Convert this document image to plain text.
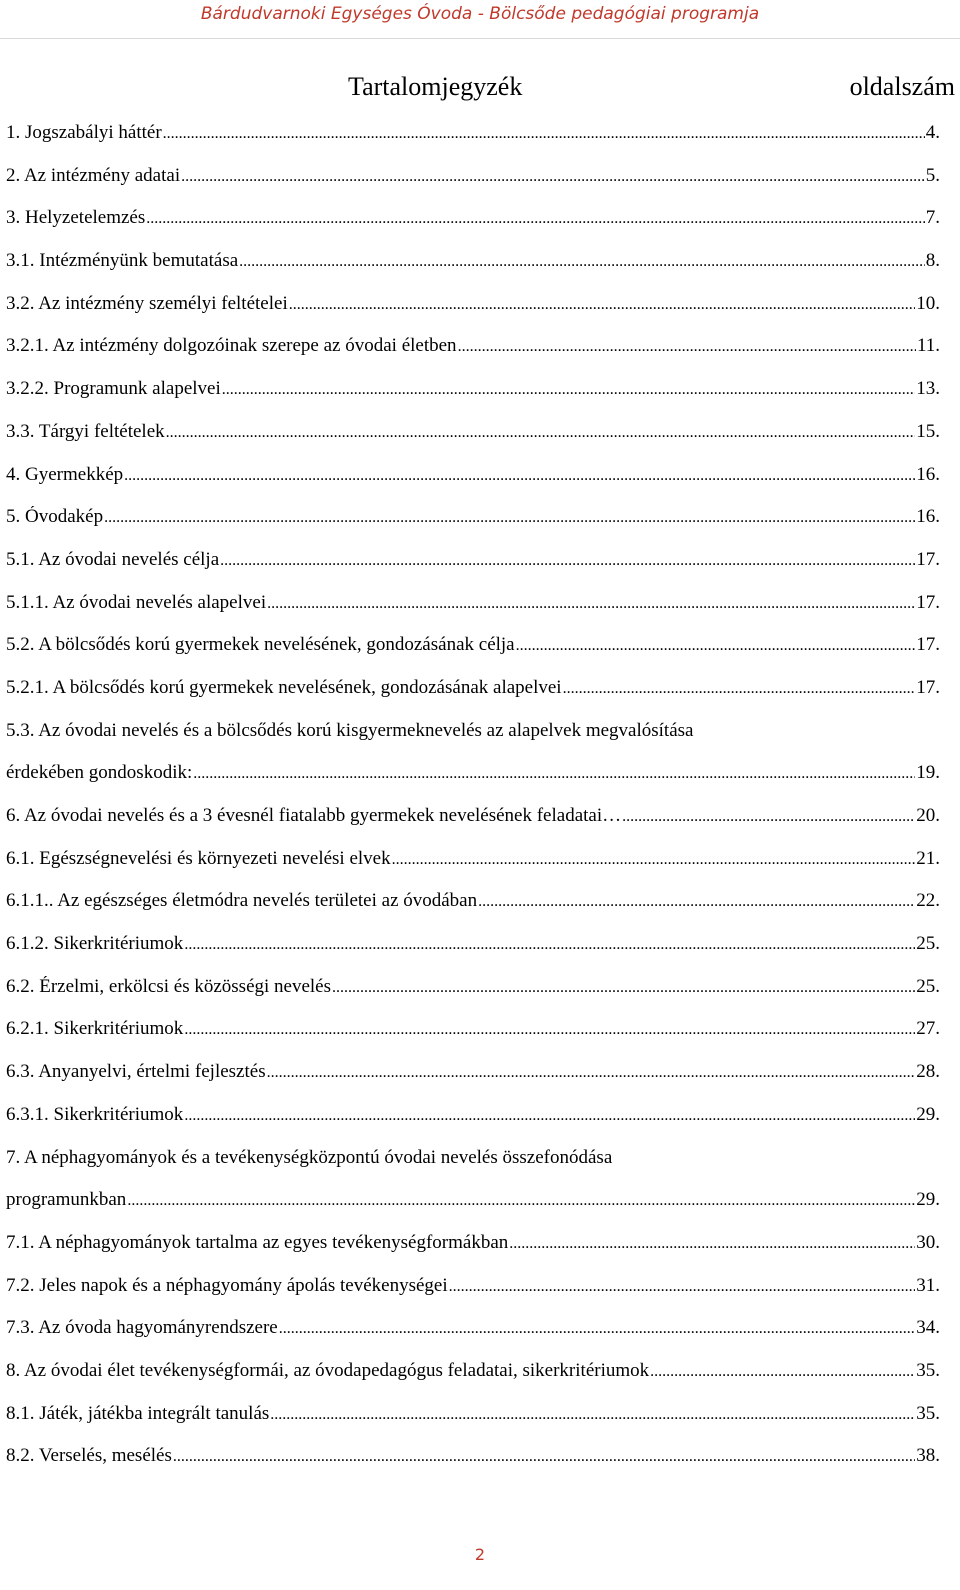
Bárdudvarnoki Egységes Óvoda - Bölcsőde pedagógiai programja
Tartalomjegyzék	oldalszám
1. Jogszabályi háttér .....	4.
2. Az intézmény adatai .....	5.
3. Helyzetelemzés .....	7.
3.1. Intézményünk bemutatása .....	8.
3.2. Az intézmény személyi feltételei .....	10.
3.2.1. Az intézmény dolgozóinak szerepe az óvodai életben .....	11.
3.2.2. Programunk alapelvei .....	13.
3.3. Tárgyi feltételek .....	15.
4. Gyermekkép .....	16.
5. Óvodakép .....	16.
5.1. Az óvodai nevelés célja .....	17.
5.1.1. Az óvodai nevelés alapelvei .....	17.
5.2. A bölcsődés korú gyermekek nevelésének, gondozásának célja .....	17.
5.2.1. A bölcsődés korú gyermekek nevelésének, gondozásának alapelvei .....	17.
5.3. Az óvodai nevelés és a bölcsődés korú kisgyermeknevelés az alapelvek megvalósítása
érdekében gondoskodik: .....	19.
6. Az óvodai nevelés és a 3 évesnél fiatalabb gyermekek nevelésének feladatai… .....	20.
6.1. Egészségnevelési és környezeti nevelési elvek .....	21.
6.1.1.. Az egészséges életmódra nevelés területei az óvodában .....	22.
6.1.2. Sikerkritériumok .....	25.
6.2. Érzelmi, erkölcsi és közösségi nevelés .....	25.
6.2.1. Sikerkritériumok .....	27.
6.3. Anyanyelvi, értelmi fejlesztés .....	28.
6.3.1. Sikerkritériumok .....	29.
7. A néphagyományok és a tevékenységközpontú óvodai nevelés összefonódása
programunkban .....	29.
7.1. A néphagyományok tartalma az egyes tevékenységformákban .....	30.
7.2. Jeles napok és a néphagyomány ápolás tevékenységei .....	31.
7.3. Az óvoda hagyományrendszere .....	34.
8. Az óvodai élet tevékenységformái, az óvodapedagógus feladatai, sikerkritériumok .....	35.
8.1. Játék, játékba integrált tanulás .....	35.
8.2. Verselés, mesélés .....	38.
2
